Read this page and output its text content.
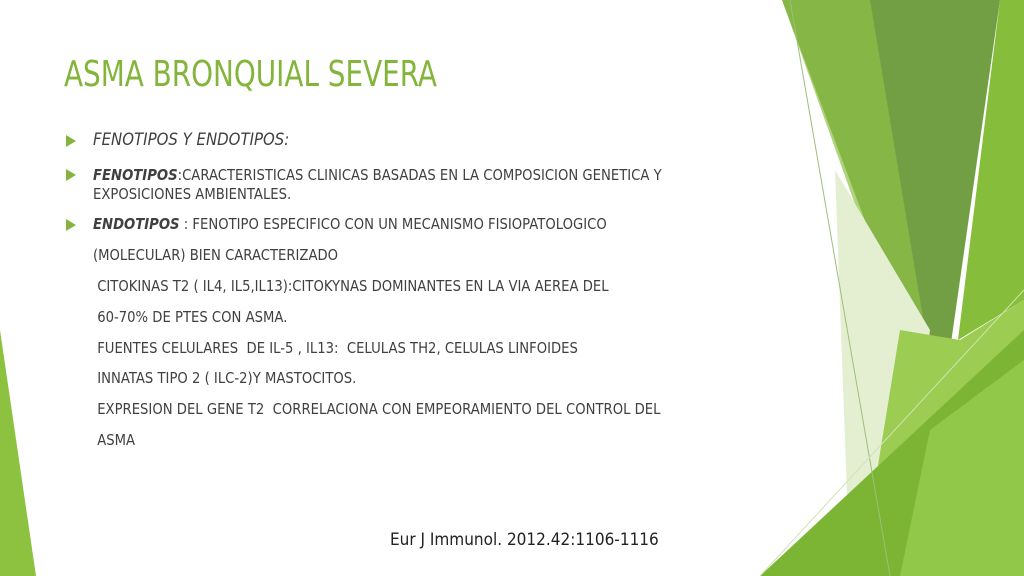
ASMA BRONQUIAL SEVERA
FENOTIPOS Y ENDOTIPOS:
FENOTIPOS:CARACTERISTICAS CLINICAS BASADAS EN LA COMPOSICION GENETICA Y
EXPOSICIONES AMBIENTALES.
ENDOTIPOS : FENOTIPO ESPECIFICO CON UN MECANISMO FISIOPATOLOGICO
(MOLECULAR) BIEN CARACTERIZADO
CITOKINAS T2 ( IL4, IL5,IL13):CITOKYNAS DOMINANTES EN LA VIA AEREA DEL
60-70% DE PTES CON ASMA.
FUENTES CELULARES  DE IL-5 , IL13:  CELULAS TH2, CELULAS LINFOIDES
INNATAS TIPO 2 ( ILC-2)Y MASTOCITOS.
EXPRESION DEL GENE T2  CORRELACIONA CON EMPEORAMIENTO DEL CONTROL DEL
ASMA
Eur J Immunol. 2012.42:1106-1116
